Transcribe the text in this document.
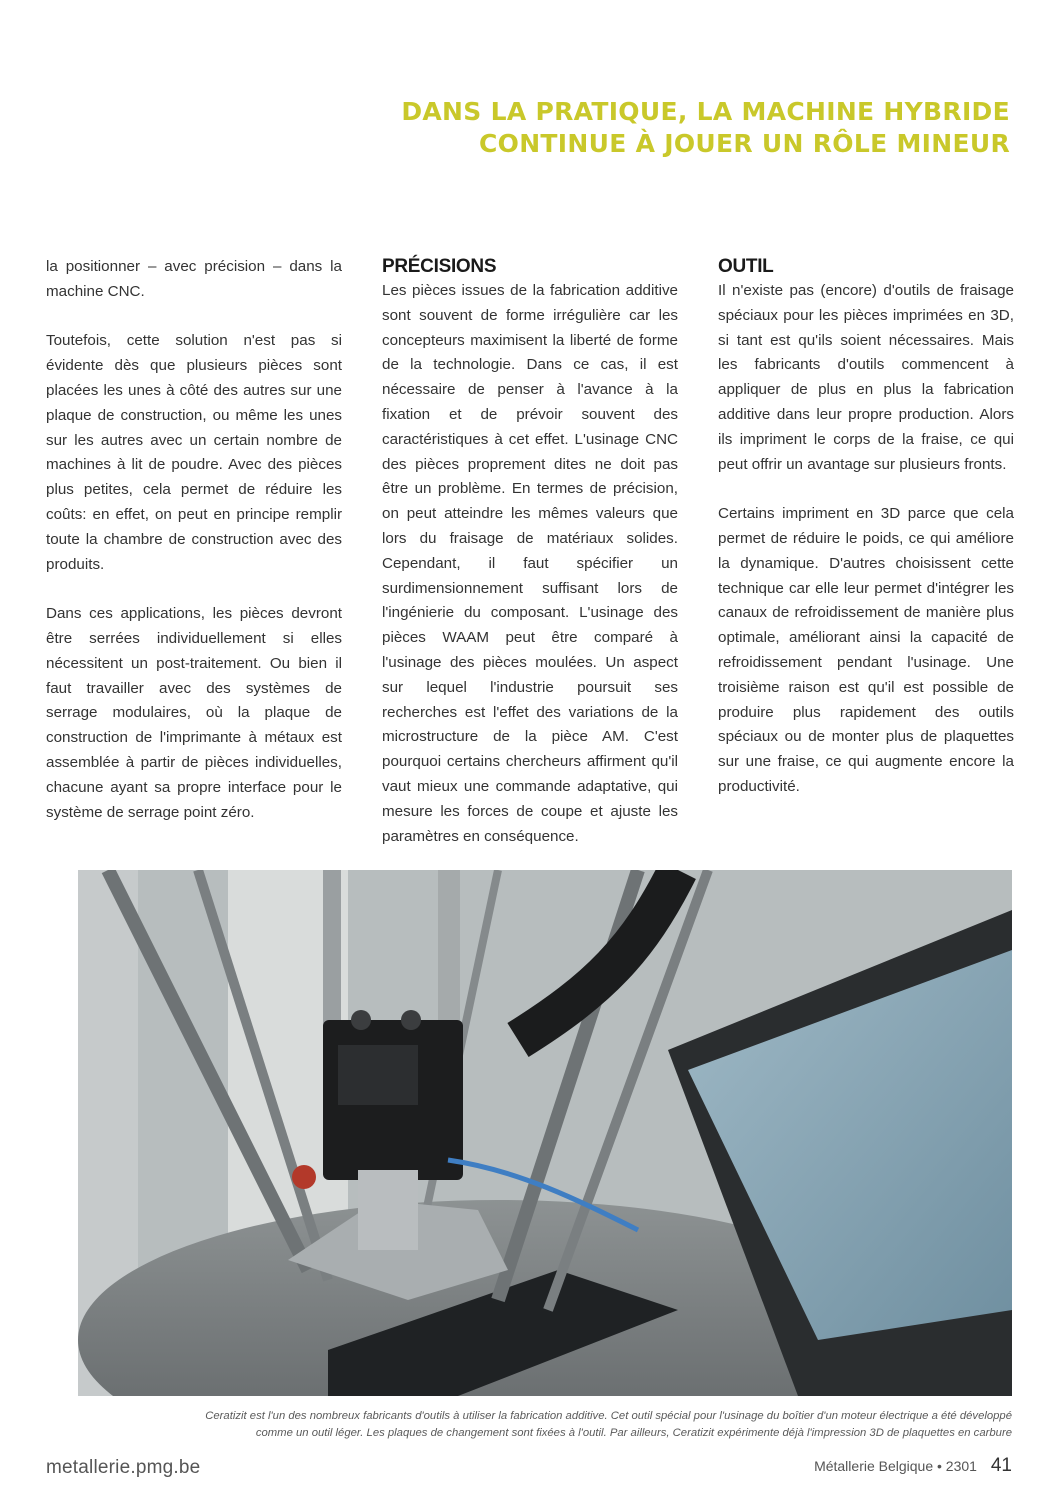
DANS LA PRATIQUE, LA MACHINE HYBRIDE
CONTINUE À JOUER UN RÔLE MINEUR

la positionner – avec précision – dans la machine CNC.

Toutefois, cette solution n'est pas si évidente dès que plusieurs pièces sont placées les unes à côté des autres sur une plaque de construction, ou même les unes sur les autres avec un certain nombre de machines à lit de poudre. Avec des pièces plus petites, cela permet de réduire les coûts: en effet, on peut en principe remplir toute la chambre de construction avec des produits.

Dans ces applications, les pièces devront être serrées individuellement si elles nécessitent un post-traitement. Ou bien il faut travailler avec des systèmes de serrage modulaires, où la plaque de construction de l'imprimante à métaux est assemblée à partir de pièces individuelles, chacune ayant sa propre interface pour le système de serrage point zéro.

PRÉCISIONS

Les pièces issues de la fabrication additive sont souvent de forme irrégulière car les concepteurs maximisent la liberté de forme de la technologie. Dans ce cas, il est nécessaire de penser à l'avance à la fixation et de prévoir souvent des caractéristiques à cet effet. L'usinage CNC des pièces proprement dites ne doit pas être un problème. En termes de précision, on peut atteindre les mêmes valeurs que lors du fraisage de matériaux solides. Cependant, il faut spécifier un surdimensionnement suffisant lors de l'ingénierie du composant. L'usinage des pièces WAAM peut être comparé à l'usinage des pièces moulées. Un aspect sur lequel l'industrie poursuit ses recherches est l'effet des variations de la microstructure de la pièce AM. C'est pourquoi certains chercheurs affirment qu'il vaut mieux une commande adaptative, qui mesure les forces de coupe et ajuste les paramètres en conséquence.

OUTIL

Il n'existe pas (encore) d'outils de fraisage spéciaux pour les pièces imprimées en 3D, si tant est qu'ils soient nécessaires. Mais les fabricants d'outils commencent à appliquer de plus en plus la fabrication additive dans leur propre production. Alors ils impriment le corps de la fraise, ce qui peut offrir un avantage sur plusieurs fronts.

Certains impriment en 3D parce que cela permet de réduire le poids, ce qui améliore la dynamique. D'autres choisissent cette technique car elle leur permet d'intégrer les canaux de refroidissement de manière plus optimale, améliorant ainsi la capacité de refroidissement pendant l'usinage. Une troisième raison est qu'il est possible de produire plus rapidement des outils spéciaux ou de monter plus de plaquettes sur une fraise, ce qui augmente encore la productivité.

Ceratizit est l'un des nombreux fabricants d'outils à utiliser la fabrication additive. Cet outil spécial pour l'usinage du boîtier d'un moteur électrique a été développé
comme un outil léger. Les plaques de changement sont fixées à l'outil. Par ailleurs, Ceratizit expérimente déjà l'impression 3D de plaquettes en carbure
metallerie.pmg.be	Métallerie Belgique • 2301 41
